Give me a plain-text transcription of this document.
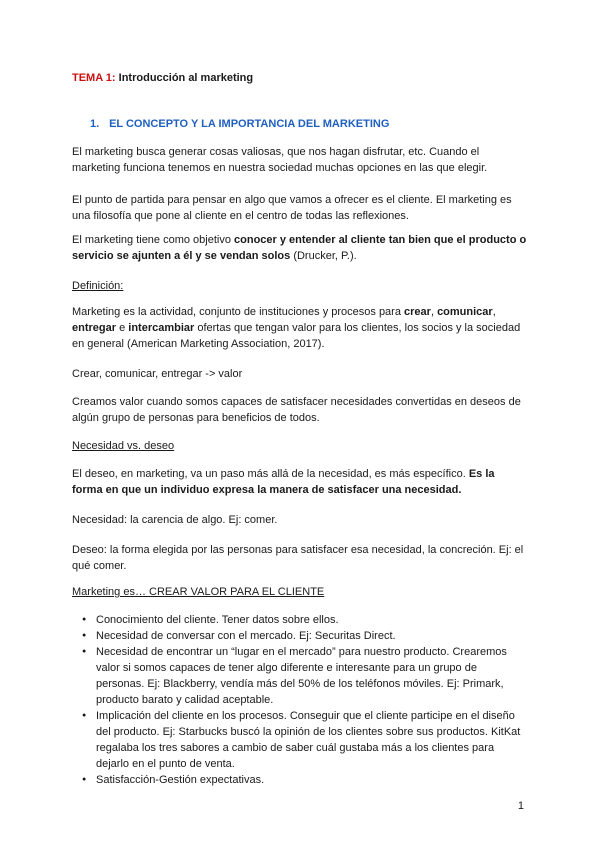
TEMA 1: Introducción al marketing
1. EL CONCEPTO Y LA IMPORTANCIA DEL MARKETING

El marketing busca generar cosas valiosas, que nos hagan disfrutar, etc. Cuando el marketing funciona tenemos en nuestra sociedad muchas opciones en las que elegir.

El punto de partida para pensar en algo que vamos a ofrecer es el cliente. El marketing es una filosofía que pone al cliente en el centro de todas las reflexiones.

El marketing tiene como objetivo conocer y entender al cliente tan bien que el producto o servicio se ajunten a él y se vendan solos (Drucker, P.).

Definición:

Marketing es la actividad, conjunto de instituciones y procesos para crear, comunicar, entregar e intercambiar ofertas que tengan valor para los clientes, los socios y la sociedad en general (American Marketing Association, 2017).

Crear, comunicar, entregar -> valor

Creamos valor cuando somos capaces de satisfacer necesidades convertidas en deseos de algún grupo de personas para beneficios de todos.

Necesidad vs. deseo

El deseo, en marketing, va un paso más allá de la necesidad, es más específico. Es la forma en que un individuo expresa la manera de satisfacer una necesidad.

Necesidad: la carencia de algo. Ej: comer.

Deseo: la forma elegida por las personas para satisfacer esa necesidad, la concreción. Ej: el qué comer.

Marketing es… CREAR VALOR PARA EL CLIENTE

● Conocimiento del cliente. Tener datos sobre ellos.
● Necesidad de conversar con el mercado. Ej: Securitas Direct.
● Necesidad de encontrar un “lugar en el mercado” para nuestro producto. Crearemos valor si somos capaces de tener algo diferente e interesante para un grupo de personas. Ej: Blackberry, vendía más del 50% de los teléfonos móviles. Ej: Primark, producto barato y calidad aceptable.
● Implicación del cliente en los procesos. Conseguir que el cliente participe en el diseño del producto. Ej: Starbucks buscó la opinión de los clientes sobre sus productos. KitKat regalaba los tres sabores a cambio de saber cuál gustaba más a los clientes para dejarlo en el punto de venta.
● Satisfacción-Gestión expectativas.
1
